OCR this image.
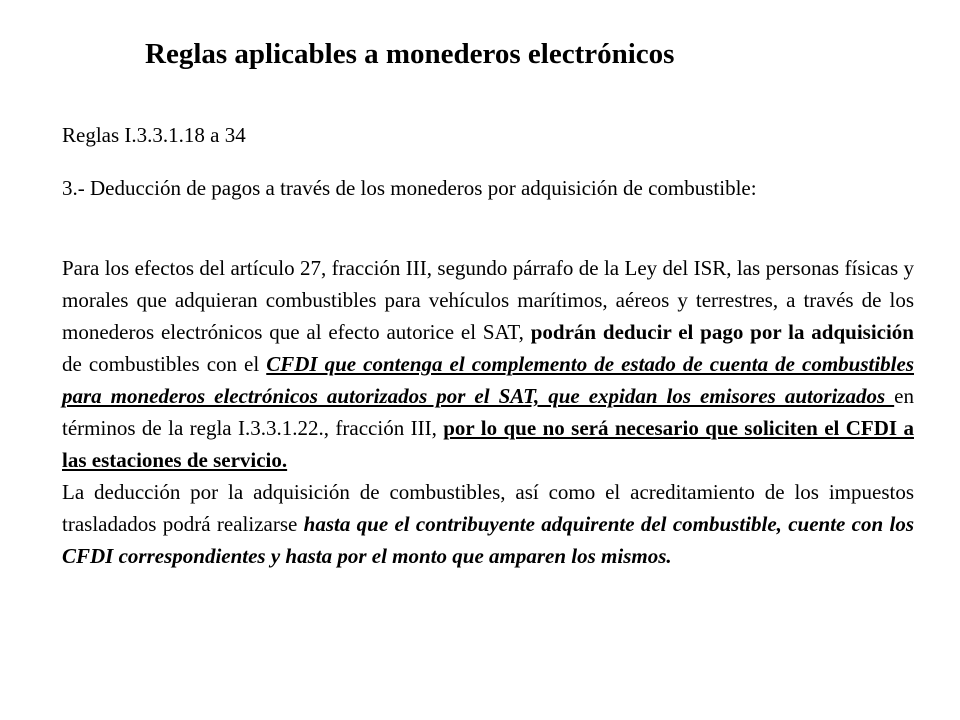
Reglas aplicables a monederos electrónicos

Reglas I.3.3.1.18 a 34

3.- Deducción de pagos a través de los monederos por adquisición de combustible:

Para los efectos del artículo 27, fracción III, segundo párrafo de la Ley del ISR, las personas físicas y morales que adquieran combustibles para vehículos marítimos, aéreos y terrestres, a través de los monederos electrónicos que al efecto autorice el SAT, podrán deducir el pago por la adquisición de combustibles con el CFDI que contenga el complemento de estado de cuenta de combustibles para monederos electrónicos autorizados por el SAT, que expidan los emisores autorizados en términos de la regla I.3.3.1.22., fracción III, por lo que no será necesario que soliciten el CFDI a las estaciones de servicio.

La deducción por la adquisición de combustibles, así como el acreditamiento de los impuestos trasladados podrá realizarse hasta que el contribuyente adquirente del combustible, cuente con los CFDI correspondientes y hasta por el monto que amparen los mismos.
